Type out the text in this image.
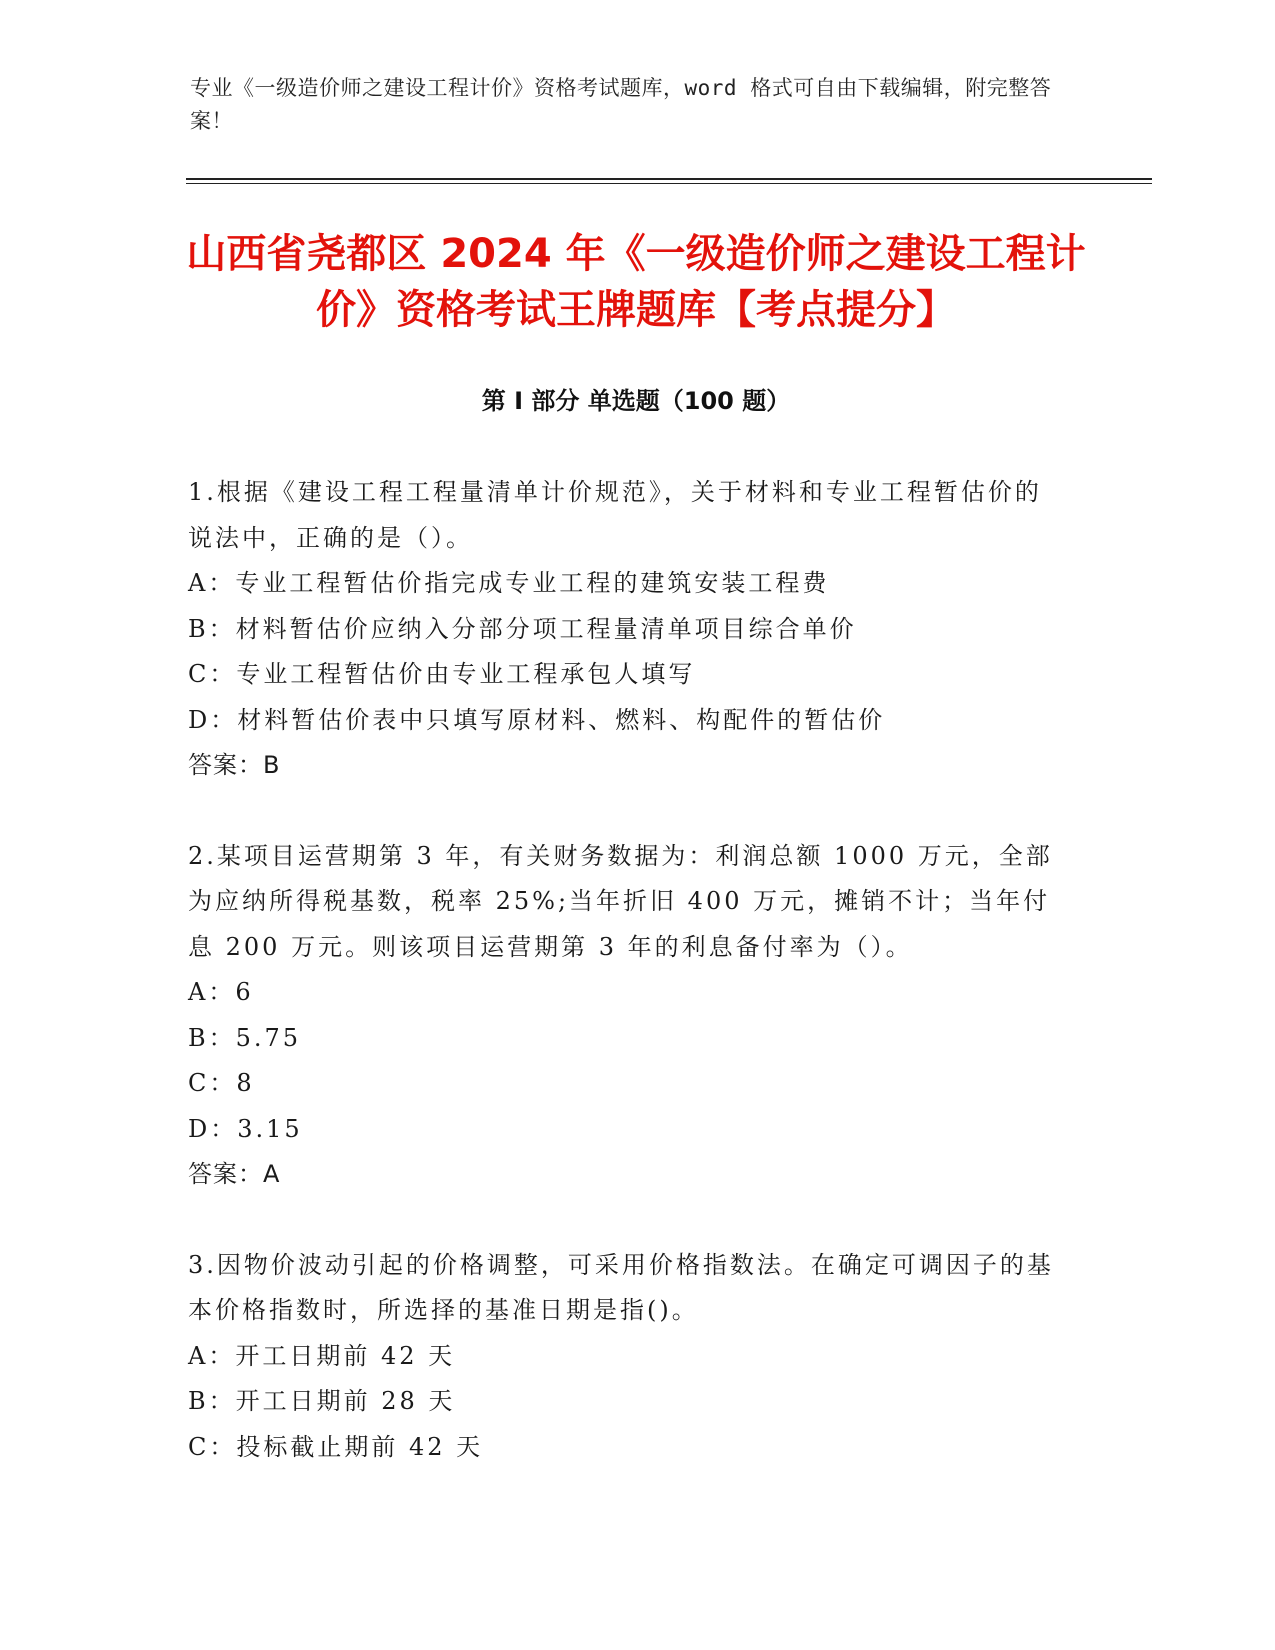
专业《一级造价师之建设工程计价》资格考试题库，word 格式可自由下载编辑，附完整答案！
山西省尧都区 2024 年《一级造价师之建设工程计价》资格考试王牌题库【考点提分】
第 I 部分 单选题（100 题）
1.根据《建设工程工程量清单计价规范》，关于材料和专业工程暂估价的说法中，正确的是（）。
A：专业工程暂估价指完成专业工程的建筑安装工程费
B：材料暂估价应纳入分部分项工程量清单项目综合单价
C：专业工程暂估价由专业工程承包人填写
D：材料暂估价表中只填写原材料、燃料、构配件的暂估价
答案：B
2.某项目运营期第 3 年，有关财务数据为：利润总额 1000 万元，全部为应纳所得税基数，税率 25%;当年折旧 400 万元，摊销不计；当年付息 200 万元。则该项目运营期第 3 年的利息备付率为（）。
A：6
B：5.75
C：8
D：3.15
答案：A
3.因物价波动引起的价格调整，可采用价格指数法。在确定可调因子的基本价格指数时，所选择的基准日期是指()。
A：开工日期前 42 天
B：开工日期前 28 天
C：投标截止期前 42 天
